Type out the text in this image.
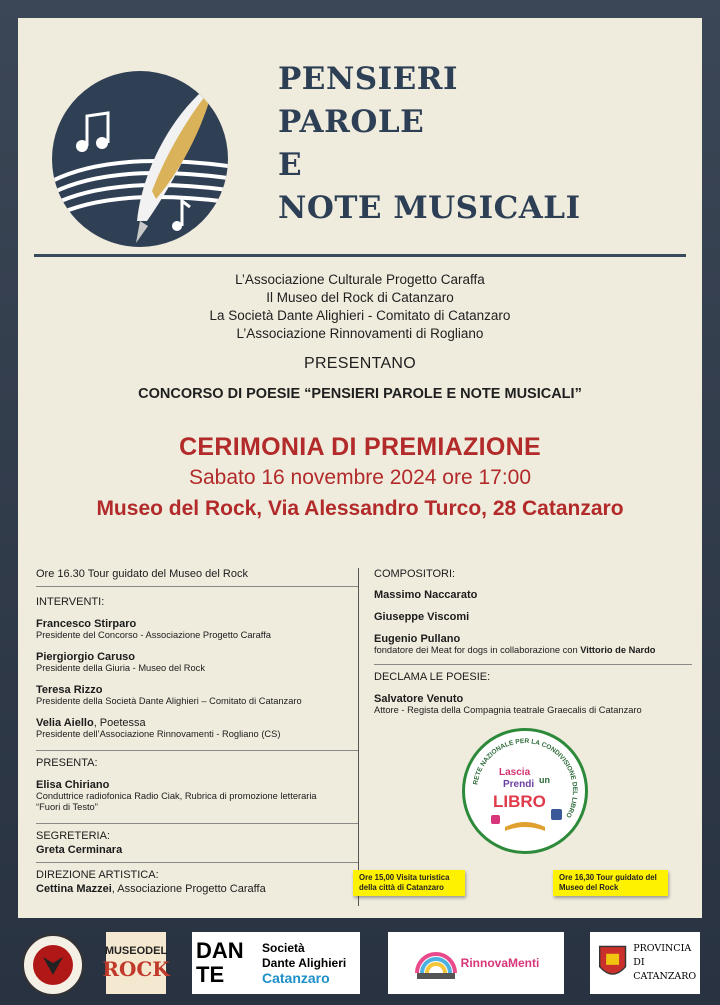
PENSIERI
PAROLE
E
NOTE MUSICALI
L’Associazione Culturale Progetto Caraffa
Il Museo del Rock di Catanzaro
La Società Dante Alighieri - Comitato di Catanzaro
L’Associazione Rinnovamenti di Rogliano
PRESENTANO
CONCORSO DI POESIE “PENSIERI PAROLE E NOTE MUSICALI”
CERIMONIA DI PREMIAZIONE
Sabato 16 novembre 2024 ore 17:00
Museo del Rock, Via Alessandro Turco, 28 Catanzaro
Ore 16.30 Tour guidato del Museo del Rock
INTERVENTI:
Francesco Stirparo
Presidente del Concorso - Associazione Progetto Caraffa
Piergiorgio Caruso
Presidente della Giuria - Museo del Rock
Teresa Rizzo
Presidente della Società Dante Alighieri – Comitato di Catanzaro
Velia Aiello, Poetessa
Presidente dell’Associazione Rinnovamenti - Rogliano (CS)
PRESENTA:
Elisa Chiriano
Conduttrice radiofonica Radio Ciak, Rubrica di promozione letteraria
“Fuori di Testo”
SEGRETERIA:
Greta Cerminara
DIREZIONE ARTISTICA:
Cettina Mazzei, Associazione Progetto Caraffa
COMPOSITORI:
Massimo Naccarato
Giuseppe Viscomi
Eugenio Pullano
fondatore dei Meat for dogs in collaborazione con Vittorio de Nardo
DECLAMA LE POESIE:
Salvatore Venuto
Attore - Regista della Compagnia teatrale Graecalis di Catanzaro
RETE NAZIONALE PER LA CONDIVISIONE DEL LIBRO
Lascia
Prendi un
LIBRO
Ore 15,00 Visita turistica della città di Catanzaro
Ore 16,30 Tour guidato del Museo del Rock
MUSEODEL
ROCK
DAN TE
Società
Dante Alighieri
Catanzaro
RinnovaMenti
PROVINCIA DI
CATANZARO
